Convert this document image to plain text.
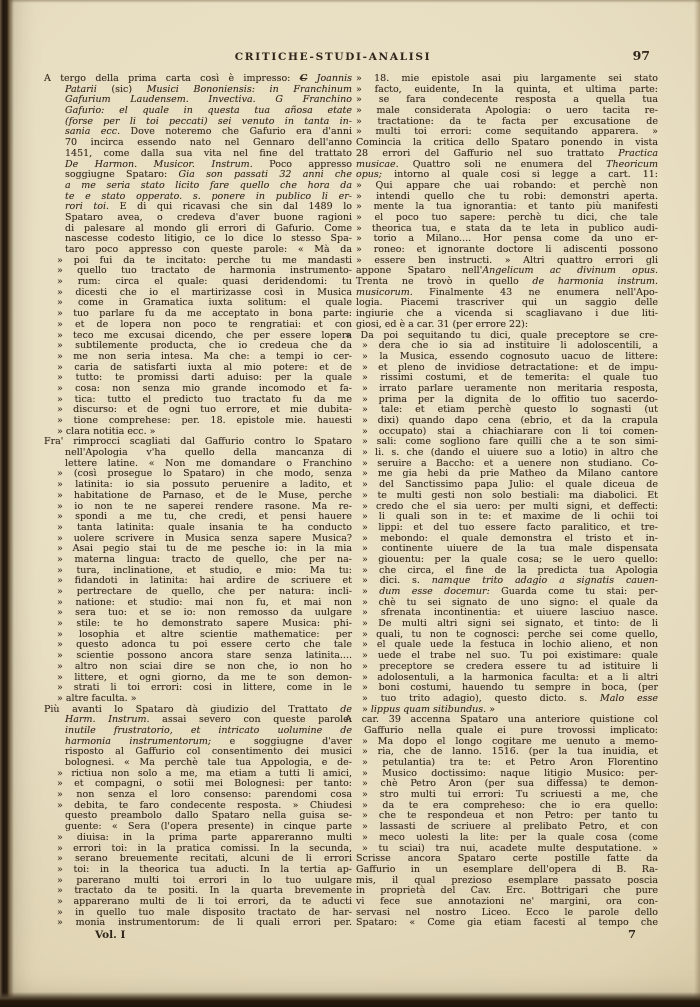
CRITICHE-STUDI-ANALISI	97
A tergo della prima carta così è impresso: C Joannis
Patarii (sic) Musici Bononiensis: in Franchinum
Gafurium Laudensem. Invectiva. G Franchino
Gafurio: el quale in questa tua añosa etate
(forse per li toi peccati) sei venuto in tanta in-
sania ecc. Dove noteremo che Gafurio era d'anni
70 incirca essendo nato nel Gennaro dell'anno
1451, come dalla sua vita nel fine del trattato
De Harmon. Musicor. Instrum. Poco appresso
soggiugne Spataro: Gia son passati 32 anni che
a me seria stato licito fare quello che hora da
te e stato opperato. s. ponere in publico li er-
rori toi. E di qui ricavasi che sin dal 1489 lo
Spataro avea, o credeva d'aver buone ragioni
di palesare al mondo gli errori di Gafurio. Come
nascesse codesto litigio, ce lo dice lo stesso Spa-
taro poco appresso con queste parole: « Mà da
» poi fui da te incitato: perche tu me mandasti
» quello tuo tractato de harmonia instrumento-
» rum: circa el quale: quasi deridendomi: tu
» dicesti che io el martirizasse così in Musica
» come in Gramatica iuxta solitum: el quale
» tuo parlare fu da me acceptato in bona parte:
» et de lopera non poco te rengratiai: et con
» teco me excusai dicendo, che per essere lopera
» subtilemente producta, che io credeua che da
» me non seria intesa. Ma che: a tempi io cer-
» caria de satisfarti iuxta al mio potere: et de
» tutto: te promissi darti aduiso: per la quale
» cosa: non senza mio grande incomodo et fa-
» tica: tutto el predicto tuo tractato fu da me
» discurso: et de ogni tuo errore, et mie dubita-
» tione comprehese: per. 18. epistole mie. hauesti
» clara notitia ecc. »
Fra' rimprocci scagliati dal Gaffurio contro lo Spataro
nell'Apologia v'ha quello della mancanza di
lettere latine. « Non me domandare o Franchino
» (così prosegue lo Spataro) in che modo, senza
» latinita: io sia possuto peruenire a ladito, et
» habitatione de Parnaso, et de le Muse, perche
» io non te ne saperei rendere rasone. Ma re-
» spondi a me tu, che credi, et pensi hauere
» tanta latinita: quale insania te ha conducto
» uolere scrivere in Musica senza sapere Musica?
» Asai pegio stai tu de me pesche io: in la mia
» materna lingua: tracto de quello, che per na-
» tura, inclinatione, et studio, e mio: Ma tu:
» fidandoti in latinita: hai ardire de scriuere et
» pertrectare de quello, che per natura: incli-
» natione: et studio: mai non fu, et mai non
» sera tuo: et se io: non remosso da uulgare
» stile: te ho demonstrato sapere Musica: phi-
» losophia et altre scientie mathematice: per
» questo adonca tu poi essere certo che tale
» scientie possono ancora stare senza latinita....
» altro non sciai dire se non che, io non ho
» littere, et ogni giorno, da me te son demon-
» strati li toi errori: cosi in littere, come in le
» altre faculta. »
Più avanti lo Spataro dà giudizio del Trattato de
Harm. Instrum. assai severo con queste parole:
inutile frustratorio, et intricato uolumine de
harmonia instrumentorum; e soggiugne d'aver
risposto al Gaffurio col consentimento dei musici
bolognesi. « Ma perchè tale tua Appologia, e de-
» rictiua non solo a me, ma etiam a tutti li amici,
» et compagni, o sotii mei Bolognesi: per tanto:
» non senza el loro consenso: parendomi cosa
» debita, te faro condecente resposta. » Chiudesi
questo preambolo dallo Spataro nella guisa se-
guente: « Sera (l'opera presente) in cinque parte
» diuisa: in la prima parte appareranno multi
» errori toi: in la pratica comissi. In la secunda,
» serano breuemente recitati, alcuni de li errori
» toi: in la theorica tua aducti. In la tertia ap-
» parerano multi toi errori in lo tuo uulgare
» tractato da te positi. In la quarta brevemente
» apparerano multi de li toi errori, da te aducti
» in quello tuo male disposito tractato de har-
» monia instrumentorum: de li quali errori per.
» 18. mie epistole asai piu largamente sei stato
» facto, euidente, In la quinta, et ultima parte:
» se fara condecente resposta a quella tua
» male considerata Apologia: o uero tacita re-
» tractatione: da te facta per excusatione de
» multi toi errori: come sequitando apparera. »
Comincia la critica dello Spataro ponendo in vista
28 errori del Gaffurio nel suo trattato Practica
musicae. Quattro soli ne enumera del Theoricum
opus; intorno al quale cosi si legge a cart. 11:
» Qui appare che uai robando: et perchè non
» intendi quello che tu robi: demonstri aperta.
» mente la tua ignorantia: et tanto più manifesti
» el poco tuo sapere: perchè tu dici, che tale
» theorica tua, e stata da te leta in publico audi-
» torio a Milano.... Hor pensa come da uno er-
» roneo: et ignorante doctore li adiscenti possono
» essere ben instructi. » Altri quattro errori gli
appone Spataro nell'Angelicum ac divinum opus.
Trenta ne trovò in quello de harmonia instrum.
musicorum. Finalmente 43 ne enumera nell'Apo-
logia. Piacemi trascriver qui un saggio delle
ingiurie che a vicenda si scagliavano i due liti-
giosi, ed è a car. 31 (per errore 22):
» Da poi sequitando tu dici, quale preceptore se cre-
» dera che io sia ad instituire li adoloscentili, a
» la Musica, essendo cognosuto uacuo de littere:
» et pleno de invidiose detractatione: et de impu-
» rissimi costumi, et de temerita: el quale tuo
» irrato parlare ueramente non meritaria resposta,
» prima per la dignita de lo offitio tuo sacerdo-
» tale: et etiam perchè questo lo sognasti (ut
» dixi) quando dapo cena (ebrio, et da la crapula
» occupato) stai a chiachiarare con li toi comen-
» sali: come sogliono fare quilli che a te son simi-
» li. s. che (dando el uiuere suo a lotio) in altro che
» seruire a Baccho: et a uenere non studiano. Co-
» me gia hebi da prie Matheo da Milano cantore
» del Sanctissimo papa Julio: el quale diceua de
» te multi gesti non solo bestiali: ma diabolici. Et
» credo che el sia uero: per multi signi, et deffecti:
» li quali son in te: et maxime de li ochii toi
» lippi: et del tuo essere facto paralitico, et tre-
» mebondo: el quale demonstra el tristo et in-
» continente uiuere de la tua male dispensata
» giouentu: per la quale cosa; se le uero quello:
» che circa, el fine de la predicta tua Apologia
» dici. s. namque trito adagio a signatis cauen-
» dum esse docemur: Guarda come tu stai: per-
» chè tu sei signato de uno signo: el quale da
» sfrenata incontinentia: et uiuere lasciuo nasce.
» De multi altri signi sei signato, et tinto: de li
» quali, tu non te cognosci: perche sei come quello,
» el quale uede la festuca in lochio alieno, et non
» uede el trabe nel suo. Tu poi existimare: quale
» preceptore se credera essere tu ad istituire li
» adolosentuli, a la harmonica faculta: et a li altri
» boni costumi, hauendo tu sempre in boca, (per
» tuo trito adagio), questo dicto. s. Malo esse
» lippus quam sitibundus. »
A car. 39 accenna Spataro una anteriore quistione col
Gaffurio nella quale ei pure trovossi implicato:
» Ma dopo el longo cogitare me uenuto a memo-
» ria, che de lanno. 1516. (per la tua inuidia, et
» petulantia) tra te: et Petro Aron Florentino
» Musico doctissimo: naque litigio Musico: per-
» chè Petro Aron (per sua diffessa) te demon-
» stro multi tui errori: Tu scriuesti a me, che
» da te era compreheso: che io era quello:
» che te respondeua et non Petro: per tanto tu
» lassasti de scriuere al prelibato Petro, et con
» meco uolesti la lite: per la quale cosa (come
» tu sciai) tra nui, acadete multe desputatione. »
Scrisse ancora Spataro certe postille fatte da
Gaffurio in un esemplare dell'opera di B. Ra-
mis, il qual prezioso esemplare passato poscia
in proprietà del Cav. Erc. Bottrigari che pure
vi fece sue annotazioni ne' margini, ora con-
servasi nel nostro Liceo. Ecco le parole dello
Spataro: « Come gia etiam facesti al tempo che
Vol. I	7
